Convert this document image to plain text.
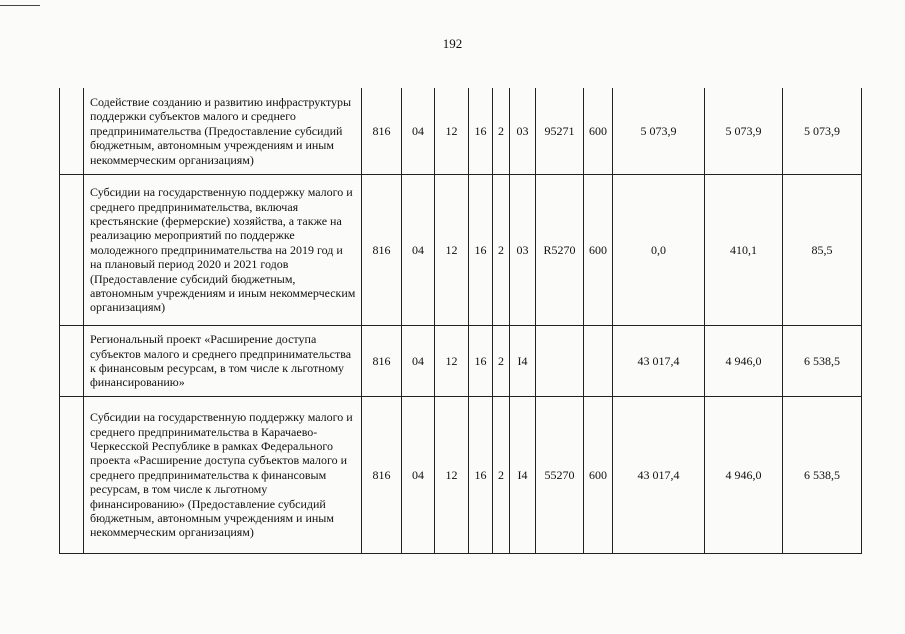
192
	Содействие созданию и развитию инфраструктуры поддержки субъектов малого и среднего предпринимательства (Предоставление субсидий бюджетным, автономным учреждениям и иным некоммерческим организациям)	816	04	12	16	2	03	95271	600	5 073,9	5 073,9	5 073,9
	Субсидии на государственную поддержку малого и среднего предпринимательства, включая крестьянские (фермерские) хозяйства, а также на реализацию мероприятий по поддержке молодежного предпринимательства на 2019 год и на плановый период 2020 и 2021 годов (Предоставление субсидий бюджетным, автономным учреждениям и иным некоммерческим организациям)	816	04	12	16	2	03	R5270	600	0,0	410,1	85,5
	Региональный проект «Расширение доступа субъектов малого и среднего предпринимательства к финансовым ресурсам, в том числе к льготному финансированию»	816	04	12	16	2	I4			43 017,4	4 946,0	6 538,5
	Субсидии на государственную поддержку малого и среднего предпринимательства в Карачаево-Черкесской Республике в рамках Федерального проекта «Расширение доступа субъектов малого и среднего предпринимательства к финансовым ресурсам, в том числе к льготному финансированию» (Предоставление субсидий бюджетным, автономным учреждениям и иным некоммерческим организациям)	816	04	12	16	2	I4	55270	600	43 017,4	4 946,0	6 538,5
